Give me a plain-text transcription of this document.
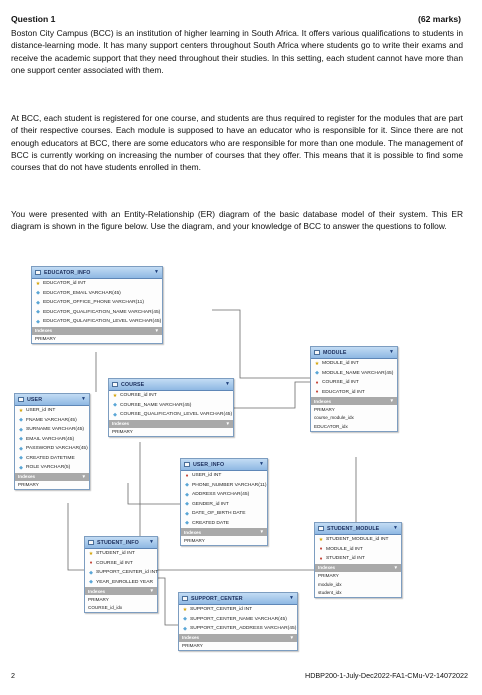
Question 1	(62 marks)
Boston City Campus (BCC) is an institution of higher learning in South Africa. It offers various qualifications to students in distance-learning mode. It has many support centers throughout South Africa where students go to write their exams and receive the academic support that they need throughout their studies. In this setting, each student cannot have more than one support center associated with them.
At BCC, each student is registered for one course, and students are thus required to register for the modules that are part of their respective courses. Each module is supposed to have an educator who is responsible for it. Since there are not enough educators at BCC, there are some educators who are responsible for more than one module. The management of BCC is currently working on increasing the number of courses that they offer. This means that it is possible to find some courses that do not have students enrolled in them.
You were presented with an Entity-Relationship (ER) diagram of the basic database model of their system. This ER diagram is shown in the figure below. Use the diagram, and your knowledge of BCC to answer the questions to follow.
EDUCATOR_INFO	▼
★ EDUCATOR_id INT
◆ EDUCATOR_EMAIL VARCHAR(45)
◆ EDUCATOR_OFFICE_PHONE VARCHAR(11)
◆ EDUCATOR_QUALIFICATION_NAME VARCHAR(45)
◆ EDUCATOR_QULAIFICATION_LEVEL VARCHAR(45)
Indexes	▼
PRIMARY
MODULE	▼
★ MODULE_id INT
◆ MODULE_NAME VARCHAR(45)
♦ COURSE_id INT
♦ EDUCATOR_id INT
Indexes	▼
PRIMARY
course_module_idx
EDUCATOR_idx
COURSE	▼
★ COURSE_id INT
◆ COURSE_NAME VARCHAR(45)
◆ COURSE_QUALIFICATION_LEVEL VARCHAR(45)
Indexes	▼
PRIMARY
USER	▼
★ USER_id INT
◆ FNAME VARCHAR(45)
◆ SURNAME VARCHAR(45)
◆ EMAIL VARCHAR(45)
◆ PASSWORD VARCHAR(45)
◆ CREATED DATETIME
◆ ROLE VARCHAR(5)
Indexes	▼
PRIMARY
USER_INFO	▼
♦ USER_id INT
◆ PHONE_NUMBER VARCHAR(11)
◆ ADDRESS VARCHAR(45)
◆ GENDER_id INT
◆ DATE_OF_BIRTH DATE
◆ CREATED DATE
Indexes	▼
PRIMARY
STUDENT_MODULE	▼
★ STUDENT_MODULE_id INT
♦ MODULE_id INT
♦ STUDENT_id INT
Indexes	▼
PRIMARY
module_idx
student_idx
STUDENT_INFO ▼
★ STUDENT_id INT
♦ COURSE_id INT
◆ SUPPORT_CENTER_id INT
◆ YEAR_ENROLLED YEAR
Indexes	▼
PRIMARY
COURSE_id_idx
SUPPORT_CENTER	▼
★ SUPPORT_CENTER_id INT
◆ SUPPORT_CENTER_NAME VARCHAR(45)
◆ SUPPORT_CENTER_ADDRESS VARCHAR(45)
Indexes	▼
PRIMARY
2	HDBP200-1-July-Dec2022-FA1-CMu-V2-14072022
